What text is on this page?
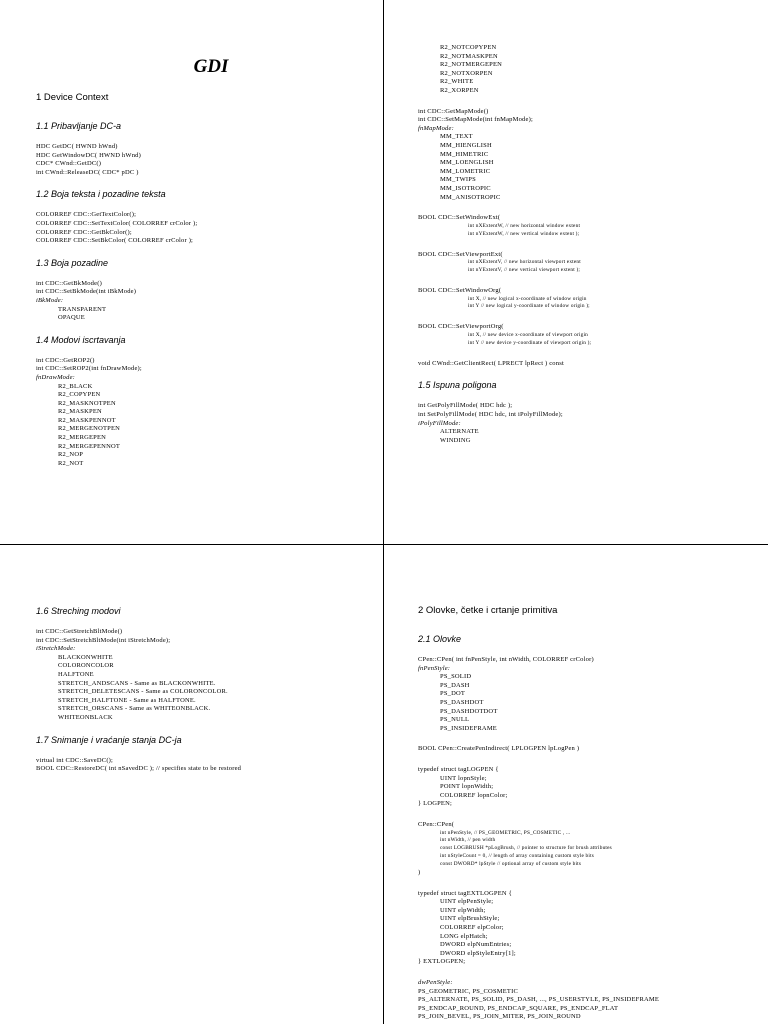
GDI
1 Device Context
1.1 Pribavljanje DC-a
HDC GetDC( HWND hWnd)
HDC GetWindowDC( HWND hWnd)
CDC* CWnd::GetDC()
int CWnd::ReleaseDC( CDC* pDC )
1.2 Boja teksta i pozadine teksta
COLORREF CDC::GetTextColor();
COLORREF CDC::SetTextColor( COLORREF crColor );
COLORREF CDC::GetBkColor();
COLORREF CDC::SetBkColor( COLORREF crColor );
1.3 Boja pozadine
int CDC::GetBkMode()
int CDC::SetBkMode(int iBkMode)
iBkMode:
TRANSPARENT
OPAQUE
1.4 Modovi iscrtavanja
int CDC::GetROP2()
int CDC::SetROP2(int fnDrawMode);
fnDrawMode:
R2_BLACK
R2_COPYPEN
R2_MASKNOTPEN
R2_MASKPEN
R2_MASKPENNOT
R2_MERGENOTPEN
R2_MERGEPEN
R2_MERGEPENNOT
R2_NOP
R2_NOT
R2_NOTCOPYPEN
R2_NOTMASKPEN
R2_NOTMERGEPEN
R2_NOTXORPEN
R2_WHITE
R2_XORPEN
int CDC::GetMapMode()
int CDC::SetMapMode(int fnMapMode);
fnMapMode:
MM_TEXT
MM_HIENGLISH
MM_HIMETRIC
MM_LOENGLISH
MM_LOMETRIC
MM_TWIPS
MM_ISOTROPIC
MM_ANISOTROPIC
BOOL CDC::SetWindowExt(
int nXExtentW, // new horizontal window extent
int nYExtentW, // new vertical window extent );
BOOL CDC::SetViewportExt(
int nXExtentV, // new horizontal viewport extent
int nYExtentV, // new vertical viewport extent );
BOOL CDC::SetWindowOrg(
int X, // new logical x-coordinate of window origin
int Y // new logical y-coordinate of window origin );
BOOL CDC::SetViewportOrg(
int X, // new device x-coordinate of viewport origin
int Y // new device y-coordinate of viewport origin );
void CWnd::GetClientRect( LPRECT lpRect ) const
1.5 Ispuna poligona
int GetPolyFillMode( HDC hdc );
int SetPolyFillMode( HDC hdc, int iPolyFillMode);
iPolyFillMode:
ALTERNATE
WINDING
1.6 Streching modovi
int CDC::GetStretchBltMode()
int CDC::SetStretchBltMode(int iStretchMode);
iStretchMode:
BLACKONWHITE
COLORONCOLOR
HALFTONE
STRETCH_ANDSCANS - Same as BLACKONWHITE.
STRETCH_DELETESCANS - Same as COLORONCOLOR.
STRETCH_HALFTONE - Same as HALFTONE.
STRETCH_ORSCANS - Same as WHITEONBLACK.
WHITEONBLACK
1.7 Snimanje i vraćanje stanja DC-ja
virtual int CDC::SaveDC();
BOOL CDC::RestoreDC( int nSavedDC ); // specifies state to be restored
2 Olovke, četke i crtanje primitiva
2.1 Olovke
CPen::CPen( int fnPenStyle, int nWidth, COLORREF crColor)
fnPenStyle:
PS_SOLID
PS_DASH
PS_DOT
PS_DASHDOT
PS_DASHDOTDOT
PS_NULL
PS_INSIDEFRAME
BOOL CPen::CreatePenIndirect( LPLOGPEN lpLogPen )
typedef struct tagLOGPEN {
UINT lopnStyle;
POINT lopnWidth;
COLORREF lopnColor;
} LOGPEN;
CPen::CPen(
int nPenStyle, // PS_GEOMETRIC, PS_COSMETIC , ...
int nWidth, // pen width
const LOGBRUSH *pLogBrush, // pointer to structure for brush attributes
int nStyleCount = 0, // length of array containing custom style bits
const DWORD* lpStyle // optional array of custom style bits
)
typedef struct tagEXTLOGPEN {
UINT elpPenStyle;
UINT elpWidth;
UINT elpBrushStyle;
COLORREF elpColor;
LONG elpHatch;
DWORD elpNumEntries;
DWORD elpStyleEntry[1];
} EXTLOGPEN;
dwPenStyle:
PS_GEOMETRIC, PS_COSMETIC
PS_ALTERNATE, PS_SOLID, PS_DASH, ..., PS_USERSTYLE, PS_INSIDEFRAME
PS_ENDCAP_ROUND, PS_ENDCAP_SQUARE, PS_ENDCAP_FLAT
PS_JOIN_BEVEL, PS_JOIN_MITER, PS_JOIN_ROUND
